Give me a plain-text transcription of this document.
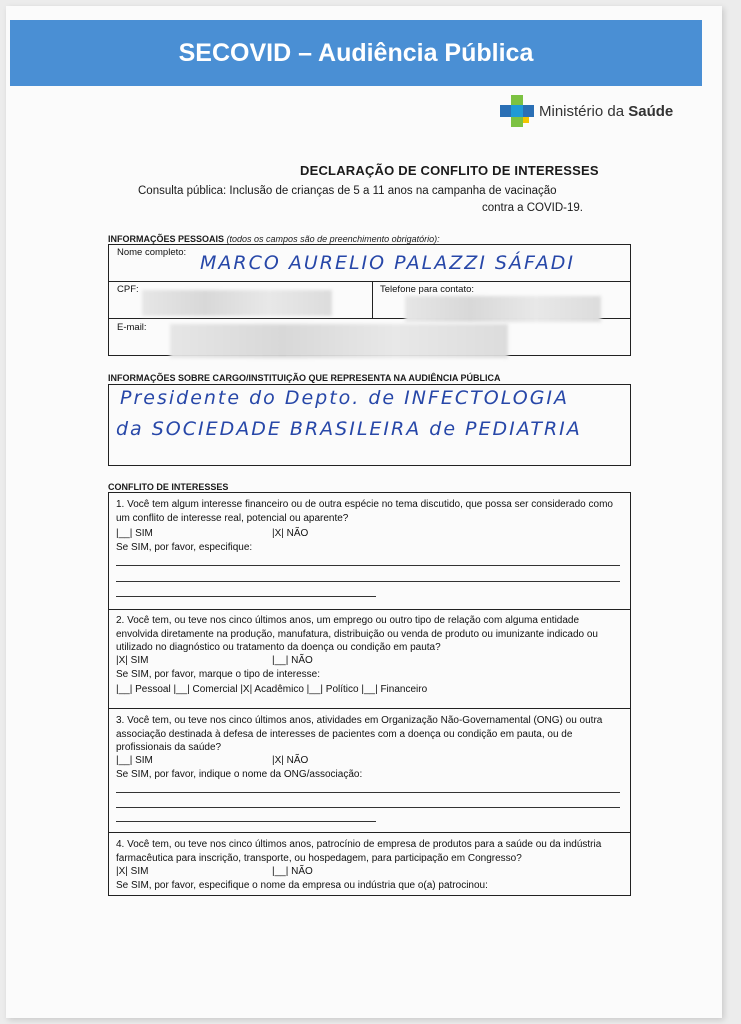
SECOVID – Audiência Pública
Ministério da Saúde
DECLARAÇÃO DE CONFLITO DE INTERESSES
Consulta pública: Inclusão de crianças de 5 a 11 anos na campanha de vacinação
contra a COVID-19.
INFORMAÇÕES PESSOAIS (todos os campos são de preenchimento obrigatório):
Nome completo: MARCO AURELIO PALAZZI SÁFADI
CPF:	Telefone para contato:
E-mail:
INFORMAÇÕES SOBRE CARGO/INSTITUIÇÃO QUE REPRESENTA NA AUDIÊNCIA PÚBLICA
Presidente do Depto. de INFECTOLOGIA
da SOCIEDADE BRASILEIRA de PEDIATRIA
CONFLITO DE INTERESSES
1. Você tem algum interesse financeiro ou de outra espécie no tema discutido, que possa ser considerado como um conflito de interesse real, potencial ou aparente?
|__| SIM	|X| NÃO
Se SIM, por favor, especifique:
2. Você tem, ou teve nos cinco últimos anos, um emprego ou outro tipo de relação com alguma entidade envolvida diretamente na produção, manufatura, distribuição ou venda de produto ou imunizante indicado ou utilizado no diagnóstico ou tratamento da doença ou condição em pauta?
|X| SIM	|__| NÃO
Se SIM, por favor, marque o tipo de interesse:
|__| Pessoal |__| Comercial |X| Acadêmico |__| Político |__| Financeiro
3. Você tem, ou teve nos cinco últimos anos, atividades em Organização Não-Governamental (ONG) ou outra associação destinada à defesa de interesses de pacientes com a doença ou condição em pauta, ou de profissionais da saúde?
|__| SIM	|X| NÃO
Se SIM, por favor, indique o nome da ONG/associação:
4. Você tem, ou teve nos cinco últimos anos, patrocínio de empresa de produtos para a saúde ou da indústria farmacêutica para inscrição, transporte, ou hospedagem, para participação em Congresso?
|X| SIM	|__| NÃO
Se SIM, por favor, especifique o nome da empresa ou indústria que o(a) patrocinou:
